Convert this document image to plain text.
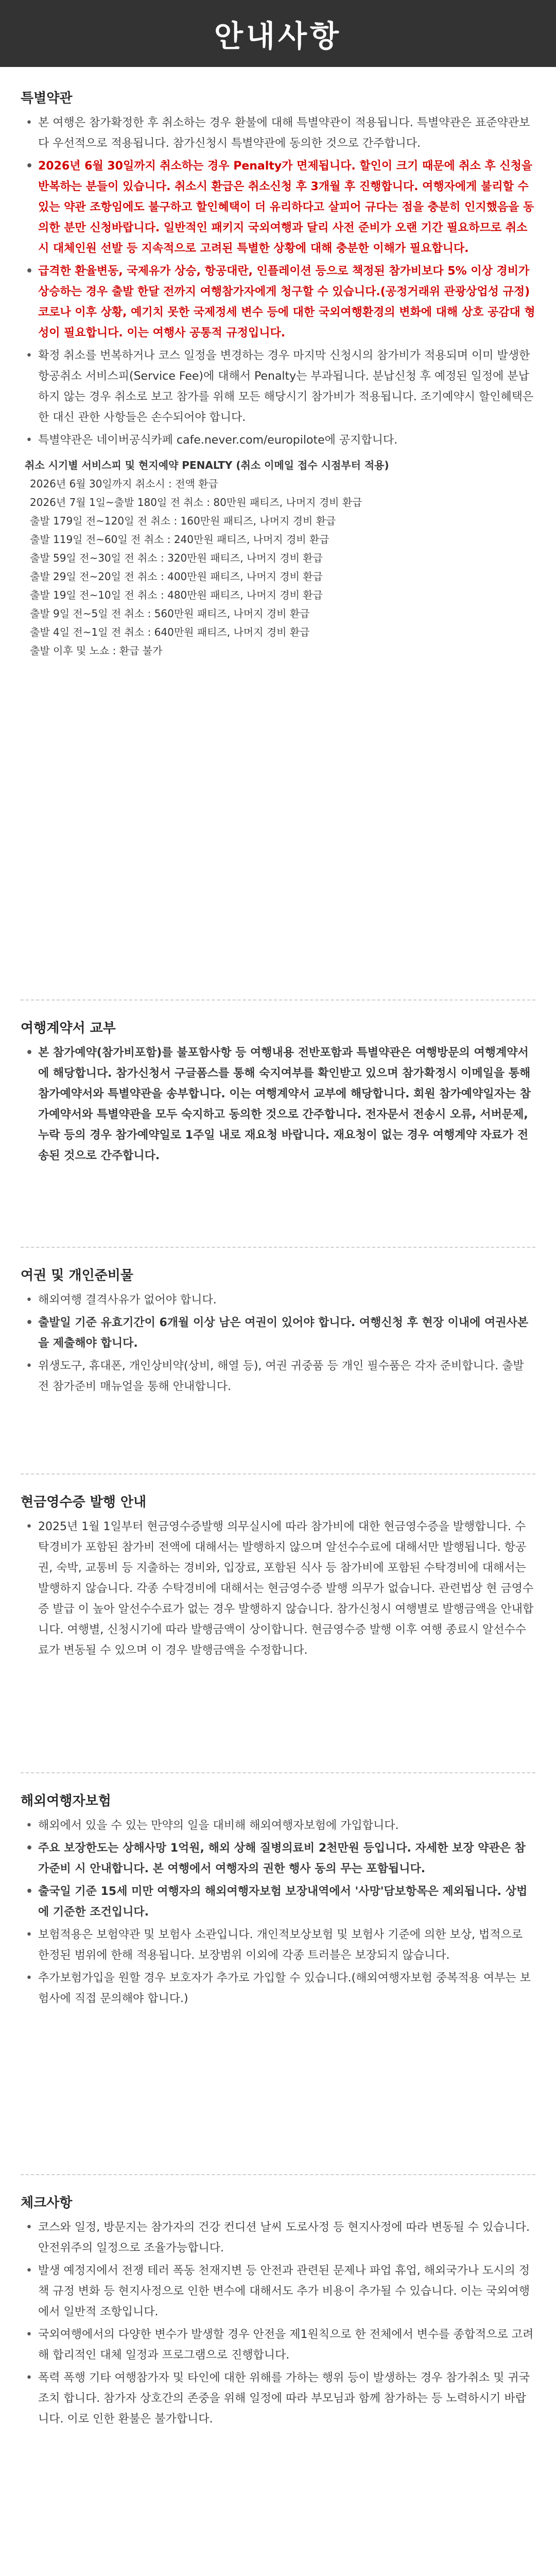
안내사항
특별약관
• 본 여행은 참가확정한 후 취소하는 경우 환불에 대해 특별약관이 적용됩니다. 특별약관은 표준약관보다 우선적으로 적용됩니다. 참가신청시 특별약관에 동의한 것으로 간주합니다.
• 2026년 6월 30일까지 취소하는 경우 Penalty가 면제됩니다. 할인이 크기 때문에 취소 후 신청을 반복하는 분들이 있습니다. 취소시 환급은 취소신청 후 3개월 후 진행합니다. 여행자에게 불리할 수 있는 약관 조항임에도 불구하고 할인혜택이 더 유리하다고 살피어 규다는 점을 충분히 인지했음을 동의한 분만 신청바랍니다. 일반적인 패키지 국외여행과 달리 사전 준비가 오랜 기간 필요하므로 취소시 대체인원 선발 등 지속적으로 고려된 특별한 상황에 대해 충분한 이해가 필요합니다.
• 급격한 환율변동, 국제유가 상승, 항공대란, 인플레이션 등으로 책정된 참가비보다 5% 이상 경비가 상승하는 경우 출발 한달 전까지 여행참가자에게 청구할 수 있습니다.(공정거래위 관광상업성 규정) 코로나 이후 상황, 예기치 못한 국제정세 변수 등에 대한 국외여행환경의 변화에 대해 상호 공감대 형성이 필요합니다. 이는 여행사 공통적 규정입니다.
• 확정 취소를 번복하거나 코스 일정을 변경하는 경우 마지막 신청시의 참가비가 적용되며 이미 발생한 항공취소 서비스피(Service Fee)에 대해서 Penalty는 부과됩니다. 분납신청 후 예정된 일정에 분납하지 않는 경우 취소로 보고 참가를 위해 모든 해당시기 참가비가 적용됩니다. 조기예약시 할인혜택은 한 대신 관한 사항들은 손수되어야 합니다.
• 특별약관은 네이버공식카페 cafe.never.com/europilote에 공지합니다.
취소 시기별 서비스피 및 현지예약 PENALTY (취소 이메일 접수 시점부터 적용)
2026년 6월 30일까지 취소시 : 전액 환급
2026년 7월 1일~출발 180일 전 취소 : 80만원 패티즈, 나머지 경비 환급
출발 179일 전~120일 전 취소 : 160만원 패티즈, 나머지 경비 환급
출발 119일 전~60일 전 취소 : 240만원 패티즈, 나머지 경비 환급
출발 59일 전~30일 전 취소 : 320만원 패티즈, 나머지 경비 환급
출발 29일 전~20일 전 취소 : 400만원 패티즈, 나머지 경비 환급
출발 19일 전~10일 전 취소 : 480만원 패티즈, 나머지 경비 환급
출발 9일 전~5일 전 취소 : 560만원 패티즈, 나머지 경비 환급
출발 4일 전~1일 전 취소 : 640만원 패티즈, 나머지 경비 환급
출발 이후 및 노쇼 : 환급 불가
여행계약서 교부
• 본 참가예약(참가비포함)를 불포함사항 등 여행내용 전반포함과 특별약관은 여행방문의 여행계약서에 해당합니다. 참가신청서 구글폼스를 통해 숙지여부를 확인받고 있으며 참가확정시 이메일을 통해 참가예약서와 특별약관을 송부합니다. 이는 여행계약서 교부에 해당합니다. 회원 참가예약일자는 참가예약서와 특별약관을 모두 숙지하고 동의한 것으로 간주합니다. 전자문서 전송시 오류, 서버문제, 누락 등의 경우 참가예약일로 1주일 내로 재요청 바랍니다. 재요청이 없는 경우 여행계약 자료가 전송된 것으로 간주합니다.
여권 및 개인준비물
• 해외여행 결격사유가 없어야 합니다.
• 출발일 기준 유효기간이 6개월 이상 남은 여권이 있어야 합니다. 여행신청 후 현장 이내에 여권사본을 제출해야 합니다.
• 위생도구, 휴대폰, 개인상비약(상비, 해열 등), 여권 귀중품 등 개인 필수품은 각자 준비합니다. 출발 전 참가준비 매뉴얼을 통해 안내합니다.
현금영수증 발행 안내
• 2025년 1월 1일부터 현금영수증발행 의무실시에 따라 참가비에 대한 현금영수증을 발행합니다. 수탁경비가 포함된 참가비 전액에 대해서는 발행하지 않으며 알선수수료에 대해서만 발행됩니다. 항공권, 숙박, 교통비 등 지출하는 경비와, 입장료, 포함된 식사 등 참가비에 포함된 수탁경비에 대해서는 발행하지 않습니다. 각종 수탁경비에 대해서는 현금영수증 발행 의무가 없습니다. 관련법상 현 금영수증 발급 이 높아 알선수수료가 없는 경우 발행하지 않습니다. 참가신청시 여행별로 발행금액을 안내합니다. 여행별, 신청시기에 따라 발행금액이 상이합니다. 현금영수증 발행 이후 여행 종료시 알선수수료가 변동될 수 있으며 이 경우 발행금액을 수정합니다.
해외여행자보험
• 해외에서 있을 수 있는 만약의 일을 대비해 해외여행자보험에 가입합니다.
• 주요 보장한도는 상해사망 1억원, 해외 상해 질병의료비 2천만원 등입니다. 자세한 보장 약관은 참가준비 시 안내합니다. 본 여행에서 여행자의 권한 행사 동의 무는 포함됩니다.
• 출국일 기준 15세 미만 여행자의 해외여행자보험 보장내역에서 '사망'담보항목은 제외됩니다. 상법에 기준한 조건입니다.
• 보험적용은 보험약관 및 보험사 소관입니다. 개인적보상보험 및 보험사 기준에 의한 보상, 법적으로 한정된 범위에 한해 적용됩니다. 보장범위 이외에 각종 트러블은 보장되지 않습니다.
• 추가보험가입을 원할 경우 보호자가 추가로 가입할 수 있습니다.(해외여행자보험 중복적용 여부는 보험사에 직접 문의해야 합니다.)
체크사항
• 코스와 일정, 방문지는 참가자의 건강 컨디션 날씨 도로사정 등 현지사정에 따라 변동될 수 있습니다. 안전위주의 일정으로 조율가능합니다.
• 발생 예정지에서 전쟁 테러 폭동 천재지변 등 안전과 관련된 문제나 파업 휴업, 해외국가나 도시의 정책 규정 변화 등 현지사정으로 인한 변수에 대해서도 추가 비용이 추가될 수 있습니다. 이는 국외여행에서 일반적 조항입니다.
• 국외여행에서의 다양한 변수가 발생할 경우 안전을 제1원칙으로 한 전체에서 변수를 종합적으로 고려해 합리적인 대체 일정과 프로그램으로 진행합니다.
• 폭력 폭행 기타 여행참가자 및 타인에 대한 위해를 가하는 행위 등이 발생하는 경우 참가취소 및 귀국조치 합니다. 참가자 상호간의 존중을 위해 일정에 따라 부모님과 함께 참가하는 등 노력하시기 바랍니다. 이로 인한 환불은 불가합니다.
